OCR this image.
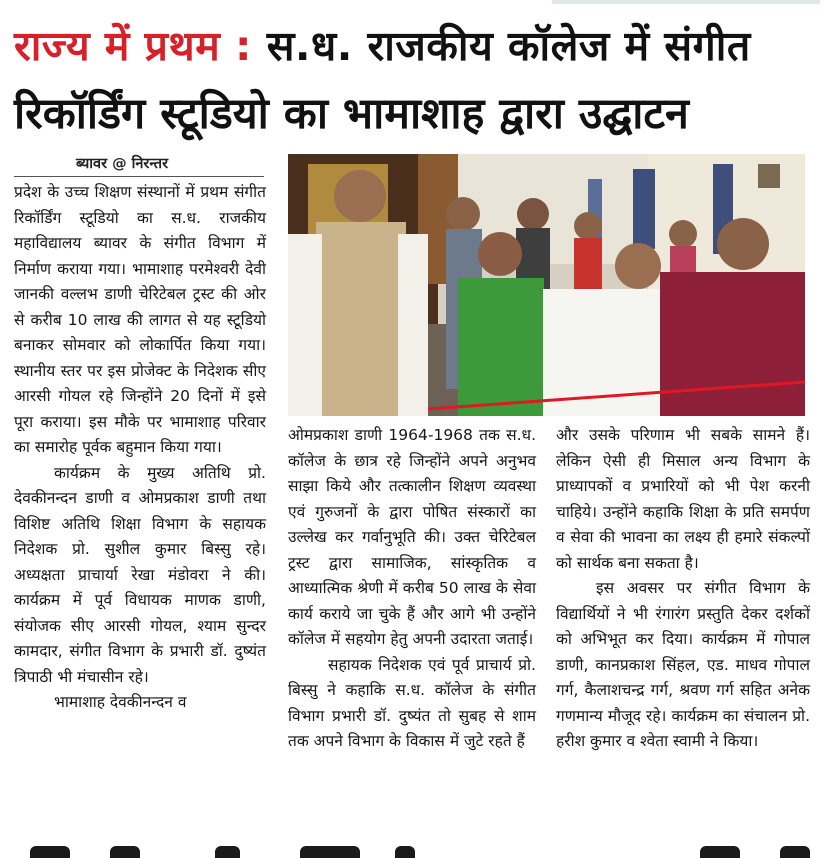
राज्य में प्रथम : स.ध. राजकीय कॉलेज में संगीत
रिकॉर्डिंग स्टूडियो का भामाशाह द्वारा उद्घाटन
ब्यावर @ निरन्तर

प्रदेश के उच्च शिक्षण संस्थानों में प्रथम संगीत रिकॉर्डिंग स्टूडियो का स.ध. राजकीय महाविद्यालय ब्यावर के संगीत विभाग में निर्माण कराया गया। भामाशाह परमेश्वरी देवी जानकी वल्लभ डाणी चेरिटेबल ट्रस्ट की ओर से करीब 10 लाख की लागत से यह स्टूडियो बनाकर सोमवार को लोकार्पित किया गया। स्थानीय स्तर पर इस प्रोजेक्ट के निदेशक सीए आरसी गोयल रहे जिन्होंने 20 दिनों में इसे पूरा कराया। इस मौके पर भामाशाह परिवार का समारोह पूर्वक बहुमान किया गया।

कार्यक्रम के मुख्य अतिथि प्रो. देवकीनन्दन डाणी व ओमप्रकाश डाणी तथा विशिष्ट अतिथि शिक्षा विभाग के सहायक निदेशक प्रो. सुशील कुमार बिस्सु रहे। अध्यक्षता प्राचार्या रेखा मंडोवरा ने की। कार्यक्रम में पूर्व विधायक माणक डाणी, संयोजक सीए आरसी गोयल, श्याम सुन्दर कामदार, संगीत विभाग के प्रभारी डॉ. दुष्यंत त्रिपाठी भी मंचासीन रहे।

भामाशाह देवकीनन्दन व

ओमप्रकाश डाणी 1964-1968 तक स.ध. कॉलेज के छात्र रहे जिन्होंने अपने अनुभव साझा किये और तत्कालीन शिक्षण व्यवस्था एवं गुरुजनों के द्वारा पोषित संस्कारों का उल्लेख कर गर्वानुभूति की। उक्त चेरिटेबल ट्रस्ट द्वारा सामाजिक, सांस्कृतिक व आध्यात्मिक श्रेणी में करीब 50 लाख के सेवा कार्य कराये जा चुके हैं और आगे भी उन्होंने कॉलेज में सहयोग हेतु अपनी उदारता जताई।

सहायक निदेशक एवं पूर्व प्राचार्य प्रो. बिस्सु ने कहाकि स.ध. कॉलेज के संगीत विभाग प्रभारी डॉ. दुष्यंत तो सुबह से शाम तक अपने विभाग के विकास में जुटे रहते हैं

और उसके परिणाम भी सबके सामने हैं। लेकिन ऐसी ही मिसाल अन्य विभाग के प्राध्यापकों व प्रभारियों को भी पेश करनी चाहिये। उन्होंने कहाकि शिक्षा के प्रति समर्पण व सेवा की भावना का लक्ष्य ही हमारे संकल्पों को सार्थक बना सकता है।

इस अवसर पर संगीत विभाग के विद्यार्थियों ने भी रंगारंग प्रस्तुति देकर दर्शकों को अभिभूत कर दिया। कार्यक्रम में गोपाल डाणी, कानप्रकाश सिंहल, एड. माधव गोपाल गर्ग, कैलाशचन्द्र गर्ग, श्रवण गर्ग सहित अनेक गणमान्य मौजूद रहे। कार्यक्रम का संचालन प्रो. हरीश कुमार व श्वेता स्वामी ने किया।
